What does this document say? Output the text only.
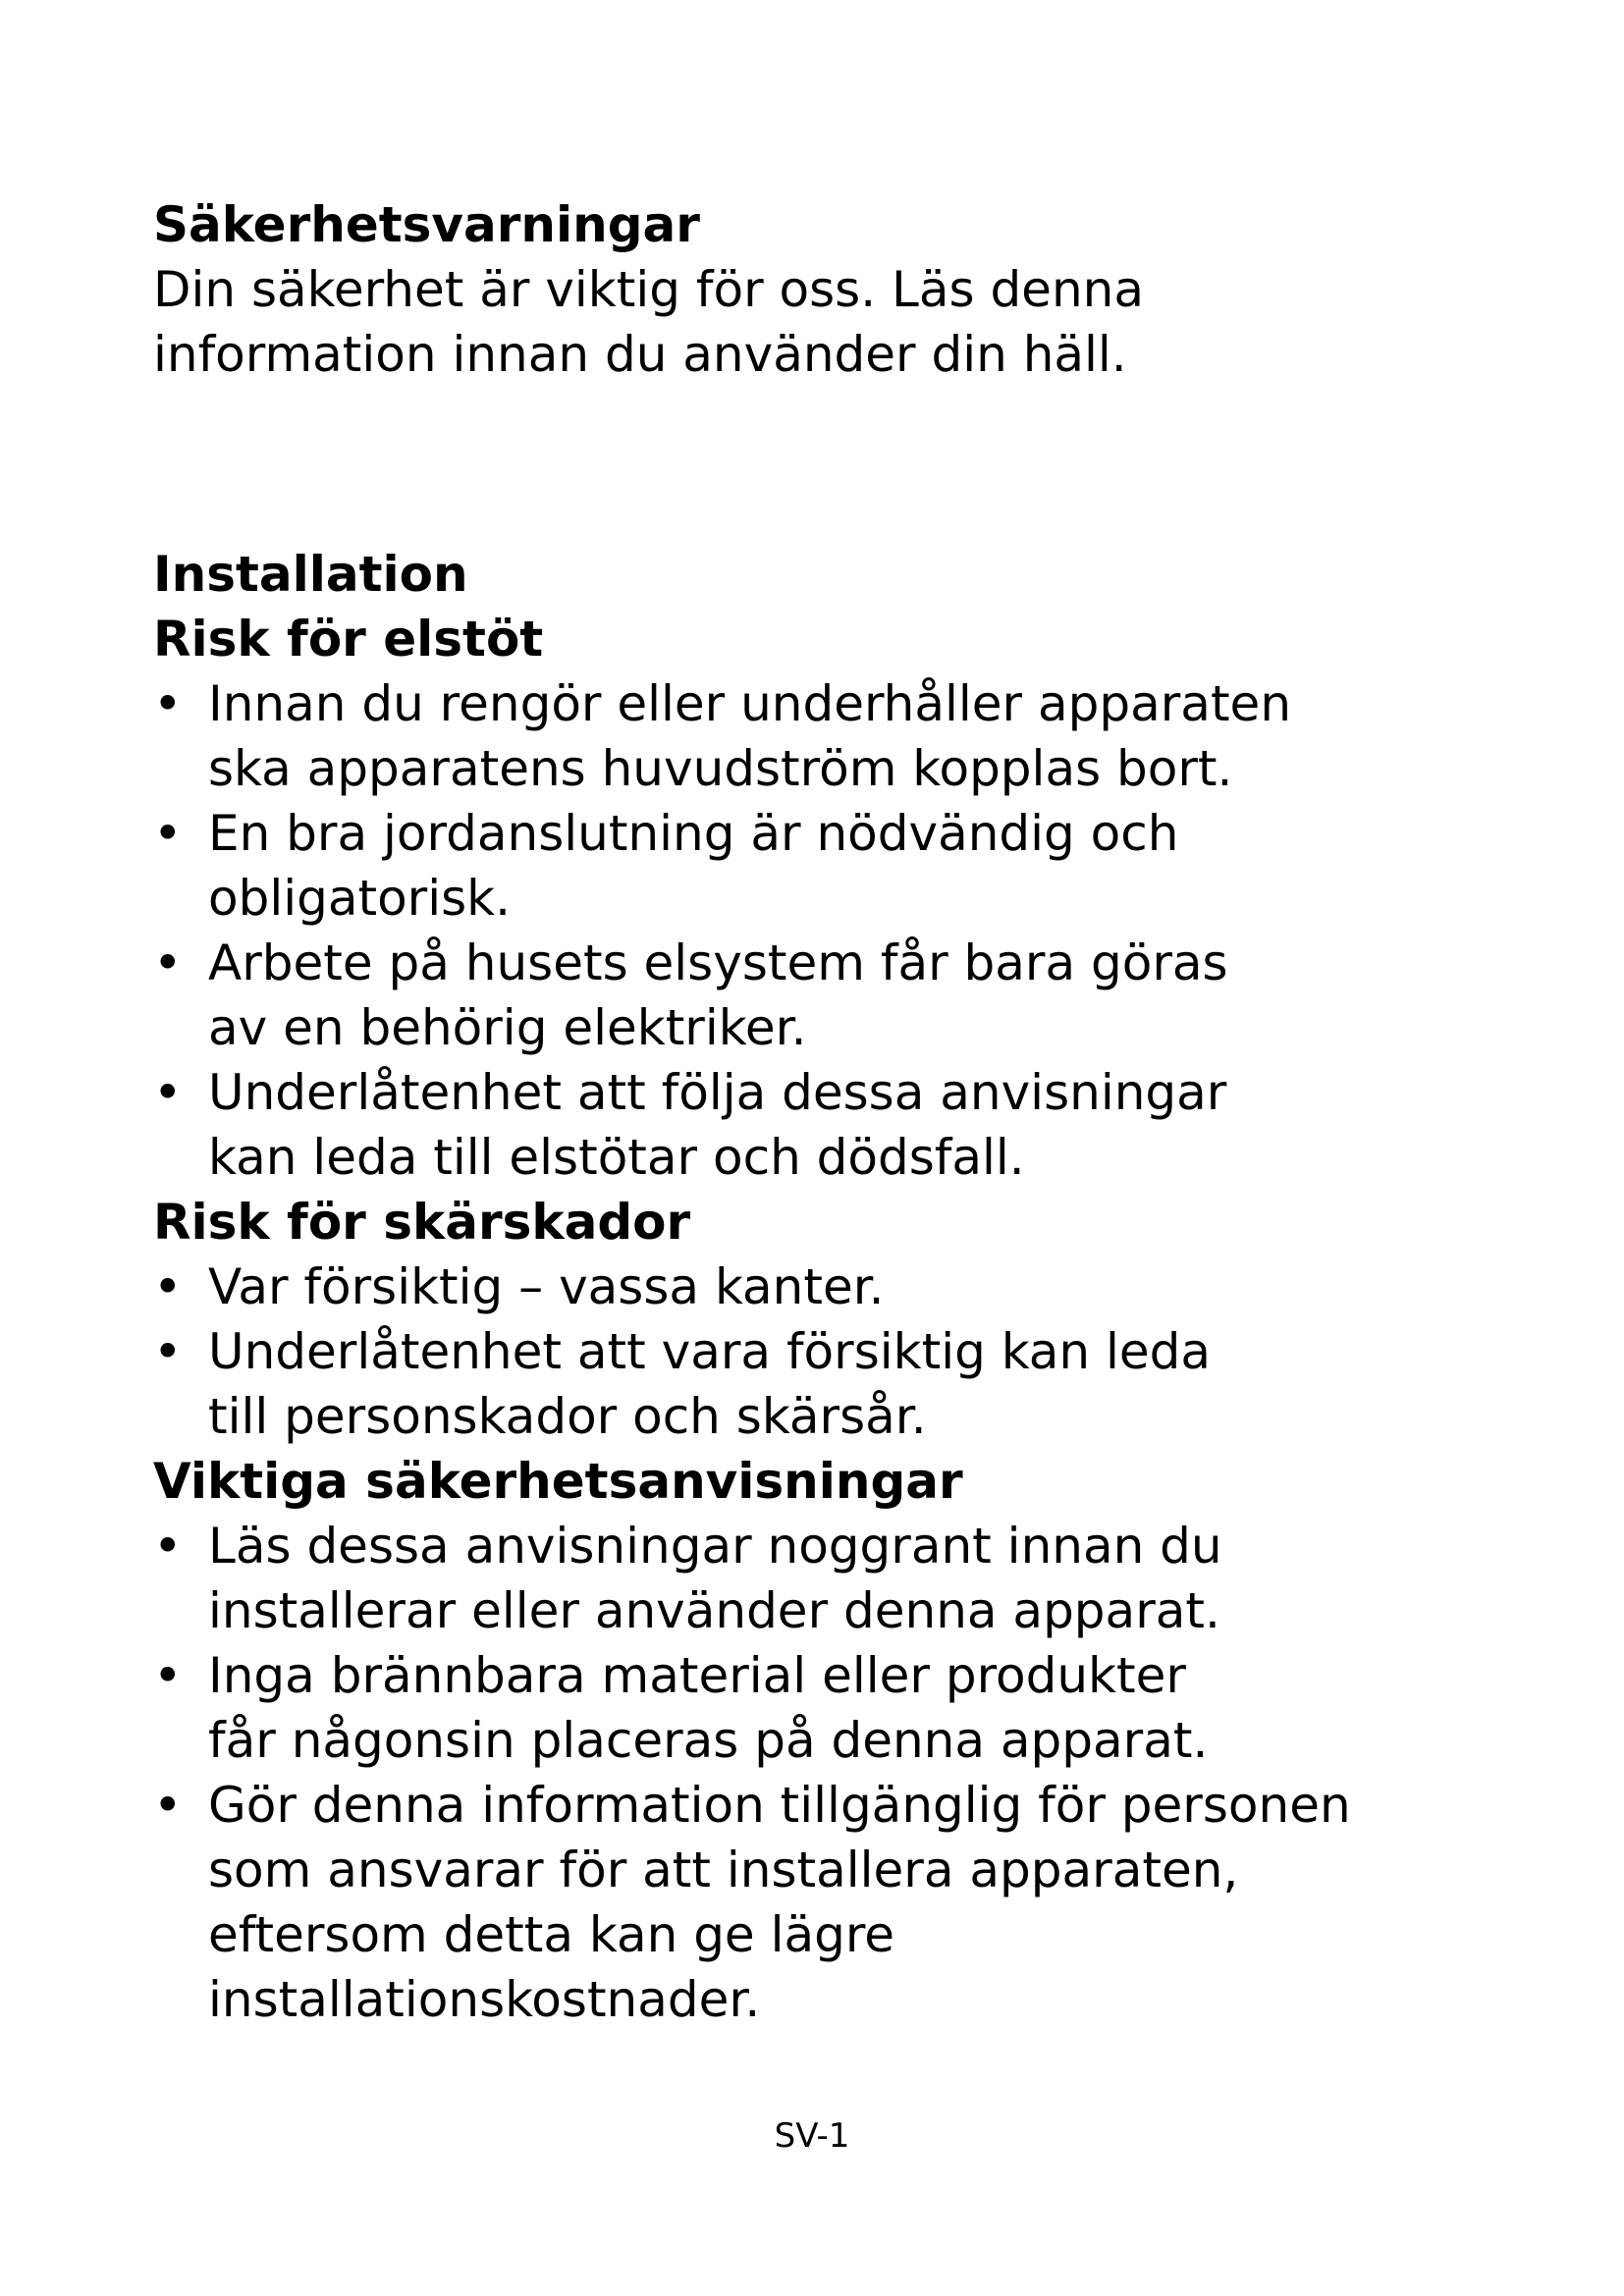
Säkerhetsvarningar

Din säkerhet är viktig för oss. Läs denna

information innan du använder din häll.

Installation
Risk för elstöt
• Innan du rengör eller underhåller apparaten
ska apparatens huvudström kopplas bort.
• En bra jordanslutning är nödvändig och
obligatorisk.
• Arbete på husets elsystem får bara göras
av en behörig elektriker.
• Underlåtenhet att följa dessa anvisningar
kan leda till elstötar och dödsfall.
Risk för skärskador
• Var försiktig – vassa kanter.
• Underlåtenhet att vara försiktig kan leda
till personskador och skärsår.
Viktiga säkerhetsanvisningar
• Läs dessa anvisningar noggrant innan du
installerar eller använder denna apparat.
• Inga brännbara material eller produkter
får någonsin placeras på denna apparat.
• Gör denna information tillgänglig för personen
som ansvarar för att installera apparaten,
eftersom detta kan ge lägre
installationskostnader.
SV-1
